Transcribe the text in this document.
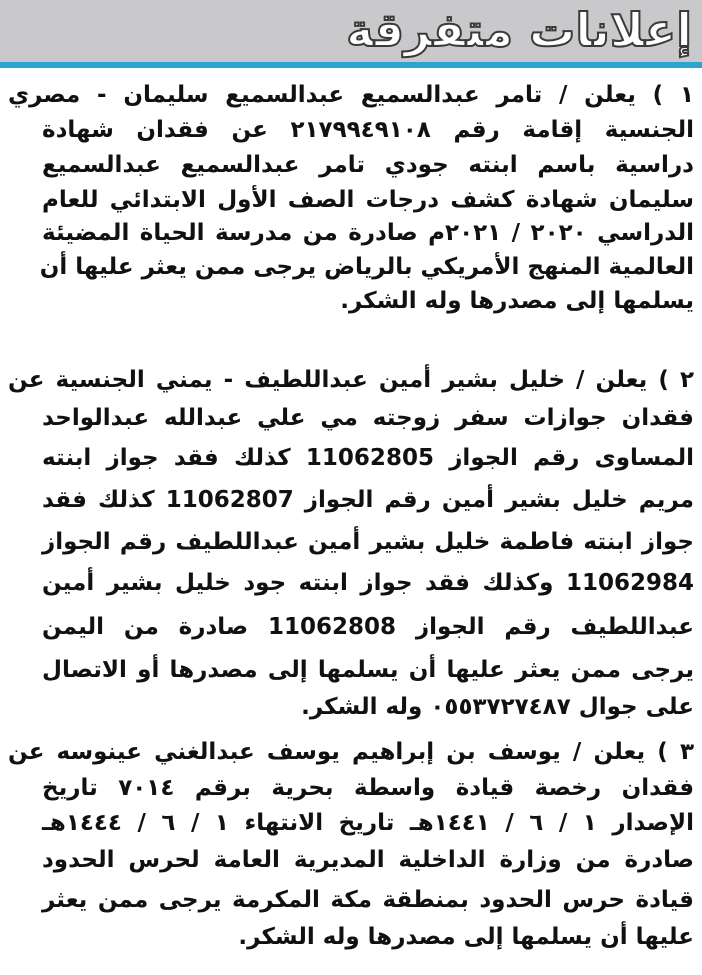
إعلانات متفرقة
١ ) يعلن / تامر عبدالسميع عبدالسميع سليمان - مصري
الجنسية إقامة رقم ٢١٧٩٩٤٩١٠٨ عن فقدان شهادة
دراسية باسم ابنته جودي تامر عبدالسميع عبدالسميع
سليمان شهادة كشف درجات الصف الأول الابتدائي للعام
الدراسي ٢٠٢٠ / ٢٠٢١م صادرة من مدرسة الحياة المضيئة
العالمية المنهج الأمريكي بالرياض يرجى ممن يعثر عليها أن
يسلمها إلى مصدرها وله الشكر.
٢ ) يعلن / خليل بشير أمين عبداللطيف - يمني الجنسية عن
فقدان جوازات سفر زوجته مي علي عبدالله عبدالواحد
المساوى رقم الجواز 11062805 كذلك فقد جواز ابنته
مريم خليل بشير أمين رقم الجواز 11062807 كذلك فقد
جواز ابنته فاطمة خليل بشير أمين عبداللطيف رقم الجواز
11062984 وكذلك فقد جواز ابنته جود خليل بشير أمين
عبداللطيف رقم الجواز 11062808 صادرة من اليمن
يرجى ممن يعثر عليها أن يسلمها إلى مصدرها أو الاتصال
على جوال ٠٥٥٣٧٢٧٤٨٧ وله الشكر.
٣ ) يعلن / يوسف بن إبراهيم يوسف عبدالغني عينوسه عن
فقدان رخصة قيادة واسطة بحرية برقم ٧٠١٤ تاريخ
الإصدار ١ / ٦ / ١٤٤١هـ تاريخ الانتهاء ١ / ٦ / ١٤٤٤هـ
صادرة من وزارة الداخلية المديرية العامة لحرس الحدود
قيادة حرس الحدود بمنطقة مكة المكرمة يرجى ممن يعثر
عليها أن يسلمها إلى مصدرها وله الشكر.
